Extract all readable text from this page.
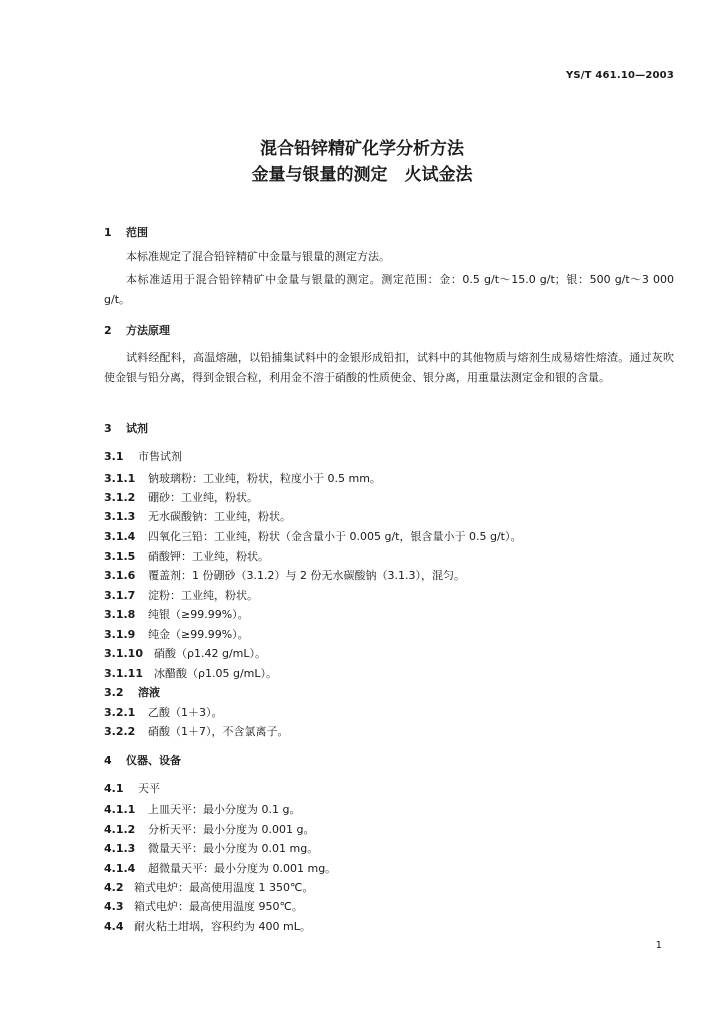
YS/T 461.10—2003
混合铅锌精矿化学分析方法
金量与银量的测定　火试金法
1 范围
本标准规定了混合铅锌精矿中金量与银量的测定方法。
本标准适用于混合铅锌精矿中金量与银量的测定。测定范围：金：0.5 g/t～15.0 g/t；银：500 g/t～3 000 g/t。
2 方法原理
试料经配料，高温熔融，以铅捕集试料中的金银形成铅扣，试料中的其他物质与熔剂生成易熔性熔渣。通过灰吹使金银与铅分离，得到金银合粒，利用金不溶于硝酸的性质使金、银分离，用重量法测定金和银的含量。
3 试剂
3.1 市售试剂
3.1.1 钠玻璃粉：工业纯，粉状，粒度小于 0.5 mm。
3.1.2 硼砂：工业纯，粉状。
3.1.3 无水碳酸钠：工业纯，粉状。
3.1.4 四氧化三铅：工业纯，粉状（金含量小于 0.005 g/t，银含量小于 0.5 g/t）。
3.1.5 硝酸钾：工业纯，粉状。
3.1.6 覆盖剂：1 份硼砂（3.1.2）与 2 份无水碳酸钠（3.1.3），混匀。
3.1.7 淀粉：工业纯，粉状。
3.1.8 纯银（≥99.99%）。
3.1.9 纯金（≥99.99%）。
3.1.10 硝酸（ρ1.42 g/mL）。
3.1.11 冰醋酸（ρ1.05 g/mL）。
3.2 溶液
3.2.1 乙酸（1＋3）。
3.2.2 硝酸（1＋7），不含氯离子。
4 仪器、设备
4.1 天平
4.1.1 上皿天平：最小分度为 0.1 g。
4.1.2 分析天平：最小分度为 0.001 g。
4.1.3 微量天平：最小分度为 0.01 mg。
4.1.4 超微量天平：最小分度为 0.001 mg。
4.2 箱式电炉：最高使用温度 1 350℃。
4.3 箱式电炉：最高使用温度 950℃。
4.4 耐火粘土坩埚，容积约为 400 mL。
1
